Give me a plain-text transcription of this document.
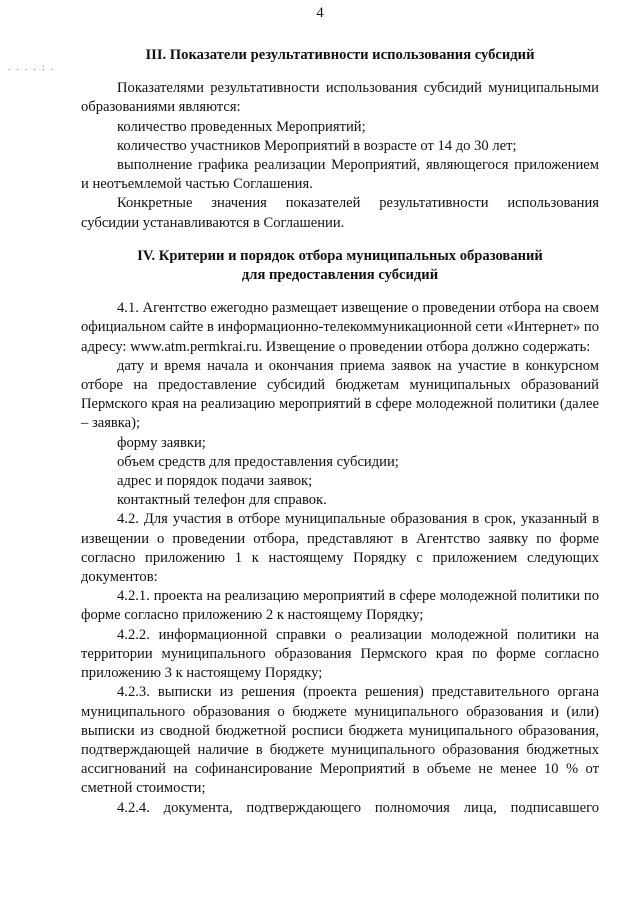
4
. . . . : .
III. Показатели результативности использования субсидий

Показателями результативности использования субсидий муниципальными образованиями являются:

количество проведенных Мероприятий;

количество участников Мероприятий в возрасте от 14 до 30 лет;

выполнение графика реализации Мероприятий, являющегося приложением и неотъемлемой частью Соглашения.

Конкретные значения показателей результативности использования субсидии устанавливаются в Соглашении.

IV. Критерии и порядок отбора муниципальных образований
для предоставления субсидий

4.1. Агентство ежегодно размещает извещение о проведении отбора на своем официальном сайте в информационно-телекоммуникационной сети «Интернет» по адресу: www.atm.permkrai.ru. Извещение о проведении отбора должно содержать:

дату и время начала и окончания приема заявок на участие в конкурсном отборе на предоставление субсидий бюджетам муниципальных образований Пермского края на реализацию мероприятий в сфере молодежной политики (далее – заявка);

форму заявки;

объем средств для предоставления субсидии;

адрес и порядок подачи заявок;

контактный телефон для справок.

4.2. Для участия в отборе муниципальные образования в срок, указанный в извещении о проведении отбора, представляют в Агентство заявку по форме согласно приложению 1 к настоящему Порядку с приложением следующих документов:

4.2.1. проекта на реализацию мероприятий в сфере молодежной политики по форме согласно приложению 2 к настоящему Порядку;

4.2.2. информационной справки о реализации молодежной политики на территории муниципального образования Пермского края по форме согласно приложению 3 к настоящему Порядку;

4.2.3. выписки из решения (проекта решения) представительного органа муниципального образования о бюджете муниципального образования и (или) выписки из сводной бюджетной росписи бюджета муниципального образования, подтверждающей наличие в бюджете муниципального образования бюджетных ассигнований на софинансирование Мероприятий в объеме не менее 10 % от сметной стоимости;

4.2.4. документа, подтверждающего полномочия лица, подписавшего
